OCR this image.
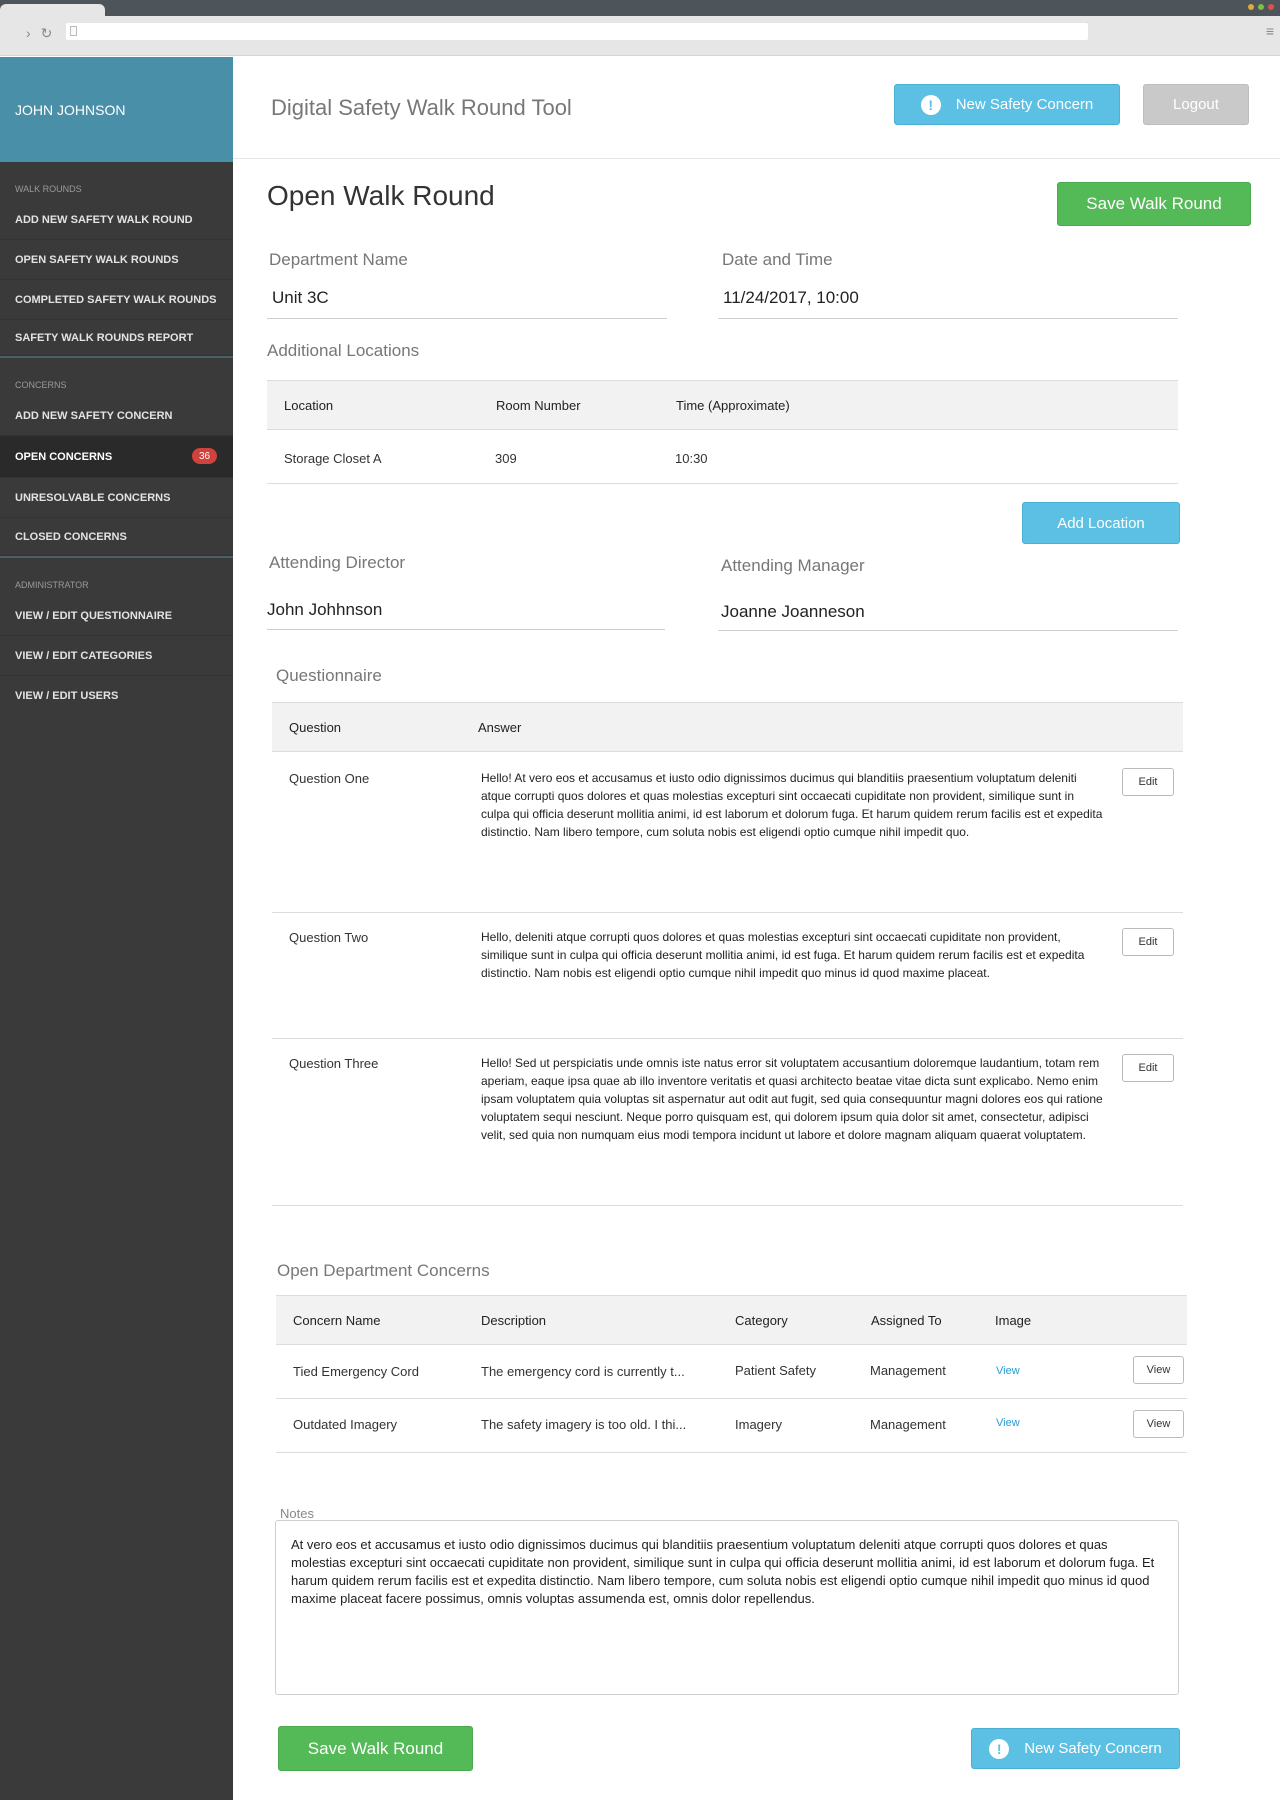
› ↻	≡
JOHN JOHNSON
WALK ROUNDS
ADD NEW SAFETY WALK ROUND
OPEN SAFETY WALK ROUNDS
COMPLETED SAFETY WALK ROUNDS
SAFETY WALK ROUNDS REPORT
CONCERNS
ADD NEW SAFETY CONCERN
OPEN CONCERNS	36
UNRESOLVABLE CONCERNS
CLOSED CONCERNS
ADMINISTRATOR
VIEW / EDIT QUESTIONNAIRE
VIEW / EDIT CATEGORIES
VIEW / EDIT USERS
Digital Safety Walk Round Tool	!	New Safety Concern	Logout
Open Walk Round	Save Walk Round
Department Name
Unit 3C
Date and Time
11/24/2017, 10:00
Additional Locations
Location	Room Number	Time (Approximate)
Storage Closet A	309	10:30
Add Location
Attending Director
John Johhnson
Attending Manager
Joanne Joanneson
Questionnaire
Question	Answer
Question One	Hello! At vero eos et accusamus et iusto odio dignissimos ducimus qui blanditiis praesentium voluptatum deleniti atque corrupti quos dolores et quas molestias excepturi sint occaecati cupiditate non provident, similique sunt in culpa qui officia deserunt mollitia animi, id est laborum et dolorum fuga. Et harum quidem rerum facilis est et expedita distinctio. Nam libero tempore, cum soluta nobis est eligendi optio cumque nihil impedit quo.
Edit
Question Two	Hello, deleniti atque corrupti quos dolores et quas molestias excepturi sint occaecati cupiditate non provident, similique sunt in culpa qui officia deserunt mollitia animi, id est fuga. Et harum quidem rerum facilis est et expedita distinctio. Nam nobis est eligendi optio cumque nihil impedit quo minus id quod maxime placeat.
Edit
Question Three	Hello! Sed ut perspiciatis unde omnis iste natus error sit voluptatem accusantium doloremque laudantium, totam rem aperiam, eaque ipsa quae ab illo inventore veritatis et quasi architecto beatae vitae dicta sunt explicabo. Nemo enim ipsam voluptatem quia voluptas sit aspernatur aut odit aut fugit, sed quia consequuntur magni dolores eos qui ratione voluptatem sequi nesciunt. Neque porro quisquam est, qui dolorem ipsum quia dolor sit amet, consectetur, adipisci velit, sed quia non numquam eius modi tempora incidunt ut labore et dolore magnam aliquam quaerat voluptatem.
Edit
Open Department Concerns
Concern Name	Description	Category	Assigned To	Image
Tied Emergency Cord	The emergency cord is currently t...	Patient Safety	Management	View	View
Outdated Imagery	The safety imagery is too old. I thi...	Imagery	Management	View	View
Notes
At vero eos et accusamus et iusto odio dignissimos ducimus qui blanditiis praesentium voluptatum deleniti atque corrupti quos dolores et quas molestias excepturi sint occaecati cupiditate non provident, similique sunt in culpa qui officia deserunt mollitia animi, id est laborum et dolorum fuga. Et harum quidem rerum facilis est et expedita distinctio. Nam libero tempore, cum soluta nobis est eligendi optio cumque nihil impedit quo minus id quod maxime placeat facere possimus, omnis voluptas assumenda est, omnis dolor repellendus.
Save Walk Round	!	New Safety Concern
